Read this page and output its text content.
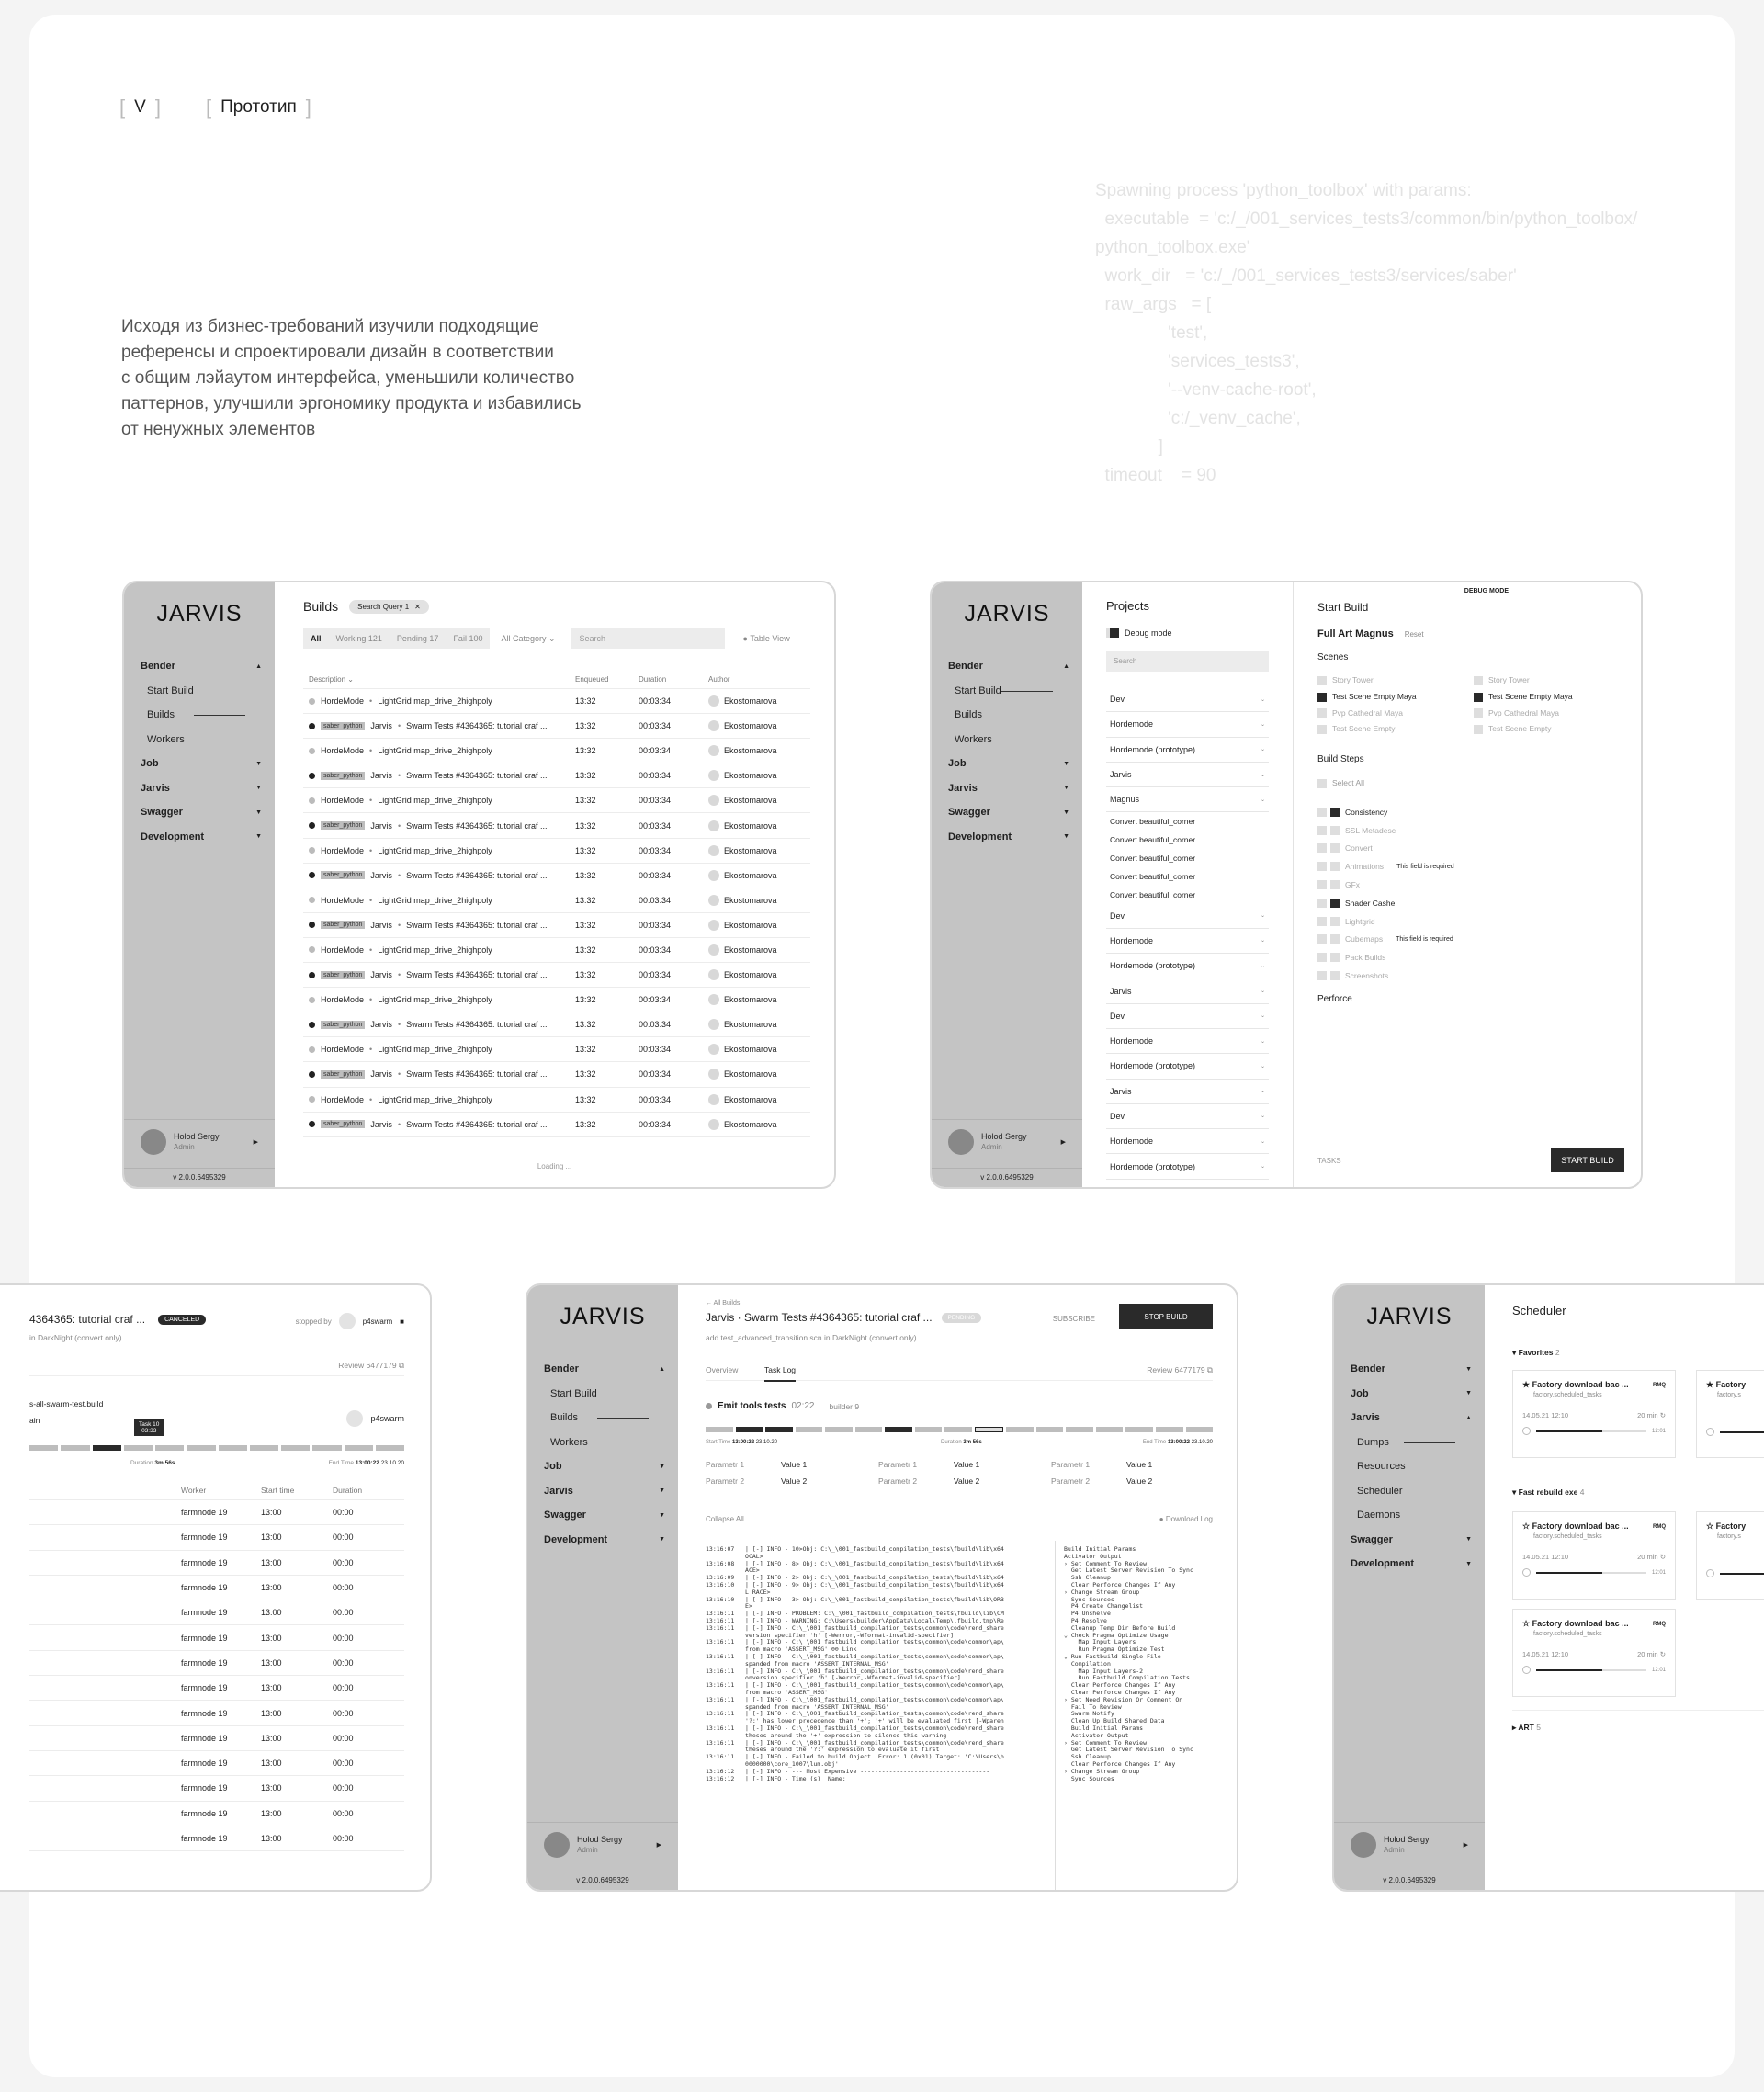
[ V ] [ Прототип ]
Исходя из бизнес-требований изучили подходящие
референсы и спроектировали дизайн в соответствии
с общим лэйаутом интерфейса, уменьшили количество
паттернов, улучшили эргономику продукта и избавились
от ненужных элементов
Spawning process 'python_toolbox' with params:
executable  = 'c:/_/001_services_tests3/common/bin/python_toolbox/
python_toolbox.exe'
work_dir   = 'c:/_/001_services_tests3/services/saber'
raw_args   = [
'test',
'services_tests3',
'--venv-cache-root',
'c:/_venv_cache',
]
timeout    = 90
JARVIS
Bender	▲
Start Build
Builds
Workers
Job	▼
Jarvis	▼
Swagger	▼
Development	▼
Holod Sergy
Admin
▶
v 2.0.0.6495329
Builds	Search Query 1 ✕
All Working 121 Pending 17 Fail 100 All Category ⌄	Search	● Table View
Description ⌄	Enqueued	Duration	Author
HordeMode • LightGrid map_drive_2highpoly	13:32	00:03:34	Ekostomarova
saber_python	Jarvis • Swarm Tests #4364365: tutorial craf ...	13:32	00:03:34	Ekostomarova
HordeMode • LightGrid map_drive_2highpoly	13:32	00:03:34	Ekostomarova
saber_python	Jarvis • Swarm Tests #4364365: tutorial craf ...	13:32	00:03:34	Ekostomarova
HordeMode • LightGrid map_drive_2highpoly	13:32	00:03:34	Ekostomarova
saber_python	Jarvis • Swarm Tests #4364365: tutorial craf ...	13:32	00:03:34	Ekostomarova
HordeMode • LightGrid map_drive_2highpoly	13:32	00:03:34	Ekostomarova
saber_python	Jarvis • Swarm Tests #4364365: tutorial craf ...	13:32	00:03:34	Ekostomarova
HordeMode • LightGrid map_drive_2highpoly	13:32	00:03:34	Ekostomarova
saber_python	Jarvis • Swarm Tests #4364365: tutorial craf ...	13:32	00:03:34	Ekostomarova
HordeMode • LightGrid map_drive_2highpoly	13:32	00:03:34	Ekostomarova
saber_python	Jarvis • Swarm Tests #4364365: tutorial craf ...	13:32	00:03:34	Ekostomarova
HordeMode • LightGrid map_drive_2highpoly	13:32	00:03:34	Ekostomarova
saber_python	Jarvis • Swarm Tests #4364365: tutorial craf ...	13:32	00:03:34	Ekostomarova
HordeMode • LightGrid map_drive_2highpoly	13:32	00:03:34	Ekostomarova
saber_python	Jarvis • Swarm Tests #4364365: tutorial craf ...	13:32	00:03:34	Ekostomarova
HordeMode • LightGrid map_drive_2highpoly	13:32	00:03:34	Ekostomarova
saber_python	Jarvis • Swarm Tests #4364365: tutorial craf ...	13:32	00:03:34	Ekostomarova
Loading ...
JARVIS
Bender	▲
Start Build
Builds
Workers
Job	▼
Jarvis	▼
Swagger	▼
Development	▼
Holod Sergy
Admin
▶
v 2.0.0.6495329
Projects
Debug mode
Search
Dev	⌄
Hordemode	⌄
Hordemode (prototype)	⌄
Jarvis	⌄
Magnus	⌄
Convert beautiful_corner
Convert beautiful_corner
Convert beautiful_corner
Convert beautiful_corner
Convert beautiful_corner
Dev	⌄
Hordemode	⌄
Hordemode (prototype)	⌄
Jarvis	⌄
Dev	⌄
Hordemode	⌄
Hordemode (prototype)	⌄
Jarvis	⌄
Dev	⌄
Hordemode	⌄
Hordemode (prototype)	⌄
DEBUG MODE
Start Build
Full Art Magnus Reset
Scenes
Story Tower	Story Tower
Test Scene Empty Maya	Test Scene Empty Maya
Pvp Cathedral Maya	Pvp Cathedral Maya
Test Scene Empty	Test Scene Empty
Build Steps
Select All
Consistency
SSL Metadesc
Convert
Animations This field is required
GFx
Shader Cashe
Lightgrid
Cubemaps This field is required
Pack Builds
Screenshots
Perforce
TASKS	START BUILD
4364365: tutorial craf ...	CANCELED	stopped by	p4swarm ■
in DarkNight (convert only)
Review 6477179 ⧉
s-all-swarm-test.build
ain	p4swarm
Task 10
03:33
Duration 3m 56s	End Time 13:00:22 23.10.20
Worker	Start time	Duration
farmnode 19	13:00	00:00
farmnode 19	13:00	00:00
farmnode 19	13:00	00:00
farmnode 19	13:00	00:00
farmnode 19	13:00	00:00
farmnode 19	13:00	00:00
farmnode 19	13:00	00:00
farmnode 19	13:00	00:00
farmnode 19	13:00	00:00
farmnode 19	13:00	00:00
farmnode 19	13:00	00:00
farmnode 19	13:00	00:00
farmnode 19	13:00	00:00
farmnode 19	13:00	00:00
JARVIS
Bender	▲
Start Build
Builds
Workers
Job	▼
Jarvis	▼
Swagger	▼
Development	▼
Holod Sergy
Admin
▶
v 2.0.0.6495329
← All Builds
Jarvis · Swarm Tests #4364365: tutorial craf ...	PENDING	SUBSCRIBE	STOP BUILD
add test_advanced_transition.scn in DarkNight (convert only)
Overview	Task Log	Review 6477179 ⧉
Emit tools tests 02:22 builder 9
Start Time 13:00:22 23.10.20	Duration 3m 56s	End Time 13:00:22 23.10.20
Parametr 1	Value 1	Parametr 1	Value 1	Parametr 1	Value 1
Parametr 2	Value 2	Parametr 2	Value 2	Parametr 2	Value 2
Collapse All	● Download Log
13:16:07   | [-] INFO - 10>Obj: C:\_\001_fastbuild_compilation_tests\fbuild\lib\x64
OCAL>
13:16:08   | [-] INFO - 8> Obj: C:\_\001_fastbuild_compilation_tests\fbuild\lib\x64
ACE>
13:16:09   | [-] INFO - 2> Obj: C:\_\001_fastbuild_compilation_tests\fbuild\lib\x64
13:16:10   | [-] INFO - 9> Obj: C:\_\001_fastbuild_compilation_tests\fbuild\lib\x64
L RACE>
13:16:10   | [-] INFO - 3> Obj: C:\_\001_fastbuild_compilation_tests\fbuild\lib\ORB
E>
13:16:11   | [-] INFO - PROBLEM: C:\_\001_fastbuild_compilation_tests\fbuild\lib\CM
13:16:11   | [-] INFO - WARNING: C:\Users\builder\AppData\Local\Temp\.fbuild.tmp\Re
13:16:11   | [-] INFO - C:\_\001_fastbuild_compilation_tests\common\code\rend_share
version specifier 'h' [-Werror,-Wformat-invalid-specifier]
13:16:11   | [-] INFO - C:\_\001_fastbuild_compilation_tests\common\code\common\ap\
from macro 'ASSERT_MSG' ⊖⊖ Link
13:16:11   | [-] INFO - C:\_\001_fastbuild_compilation_tests\common\code\common\ap\
spanded from macro 'ASSERT_INTERNAL_MSG'
13:16:11   | [-] INFO - C:\_\001_fastbuild_compilation_tests\common\code\rend_share
onversion specifier 'h' [-Werror,-Wformat-invalid-specifier]
13:16:11   | [-] INFO - C:\_\001_fastbuild_compilation_tests\common\code\common\ap\
from macro 'ASSERT_MSG'
13:16:11   | [-] INFO - C:\_\001_fastbuild_compilation_tests\common\code\common\ap\
spanded from macro 'ASSERT_INTERNAL_MSG'
13:16:11   | [-] INFO - C:\_\001_fastbuild_compilation_tests\common\code\rend_share
'?:' has lower precedence than '+'; '+' will be evaluated first [-Wparen
13:16:11   | [-] INFO - C:\_\001_fastbuild_compilation_tests\common\code\rend_share
theses around the '+' expression to silence this warning
13:16:11   | [-] INFO - C:\_\001_fastbuild_compilation_tests\common\code\rend_share
theses around the '?:' expression to evaluate it first
13:16:11   | [-] INFO - Failed to build Object. Error: 1 (0x01) Target: 'C:\Users\b
0000000\core_1007\lum.obj'
13:16:12   | [-] INFO - --- Most Expensive ------------------------------------
13:16:12   | [-] INFO - Time (s)  Name:
Build Initial Params
Activator Output
› Set Comment To Review
Get Latest Server Revision To Sync
Ssh Cleanup
Clear Perforce Changes If Any
› Change Stream Group
Sync Sources
P4 Create Changelist
P4 Unshelve
P4 Resolve
Cleanup Temp Dir Before Build
⌄ Check Pragma Optimize Usage
Map Input Layers
Run Pragma Optimize Test
⌄ Run Fastbuild Single File
Compilation
Map Input Layers-2
Run Fastbuild Compilation Tests
Clear Perforce Changes If Any
Clear Perforce Changes If Any
› Set Need Revision Or Comment On
Fail To Review
Swarm Notify
Clean Up Build Shared Data
Build Initial Params
Activator Output
› Set Comment To Review
Get Latest Server Revision To Sync
Ssh Cleanup
Clear Perforce Changes If Any
› Change Stream Group
Sync Sources
JARVIS
Bender	▼
Job	▼
Jarvis	▲
Dumps
Resources
Scheduler
Daemons
Swagger	▼
Development	▼
Holod Sergy
Admin
▶
v 2.0.0.6495329
Scheduler
▾ Favorites 2
▾ Fast rebuild exe 4
▸ ART 5
★ Factory download bac ...	RMQ
factory.scheduled_tasks
14.05.21 12:10	20 min ↻
12:01
★ Factory
factory.s
☆ Factory download bac ...	RMQ
factory.scheduled_tasks
14.05.21 12:10	20 min ↻
12:01
☆ Factory
factory.s
☆ Factory download bac ...	RMQ
factory.scheduled_tasks
14.05.21 12:10	20 min ↻
12:01
